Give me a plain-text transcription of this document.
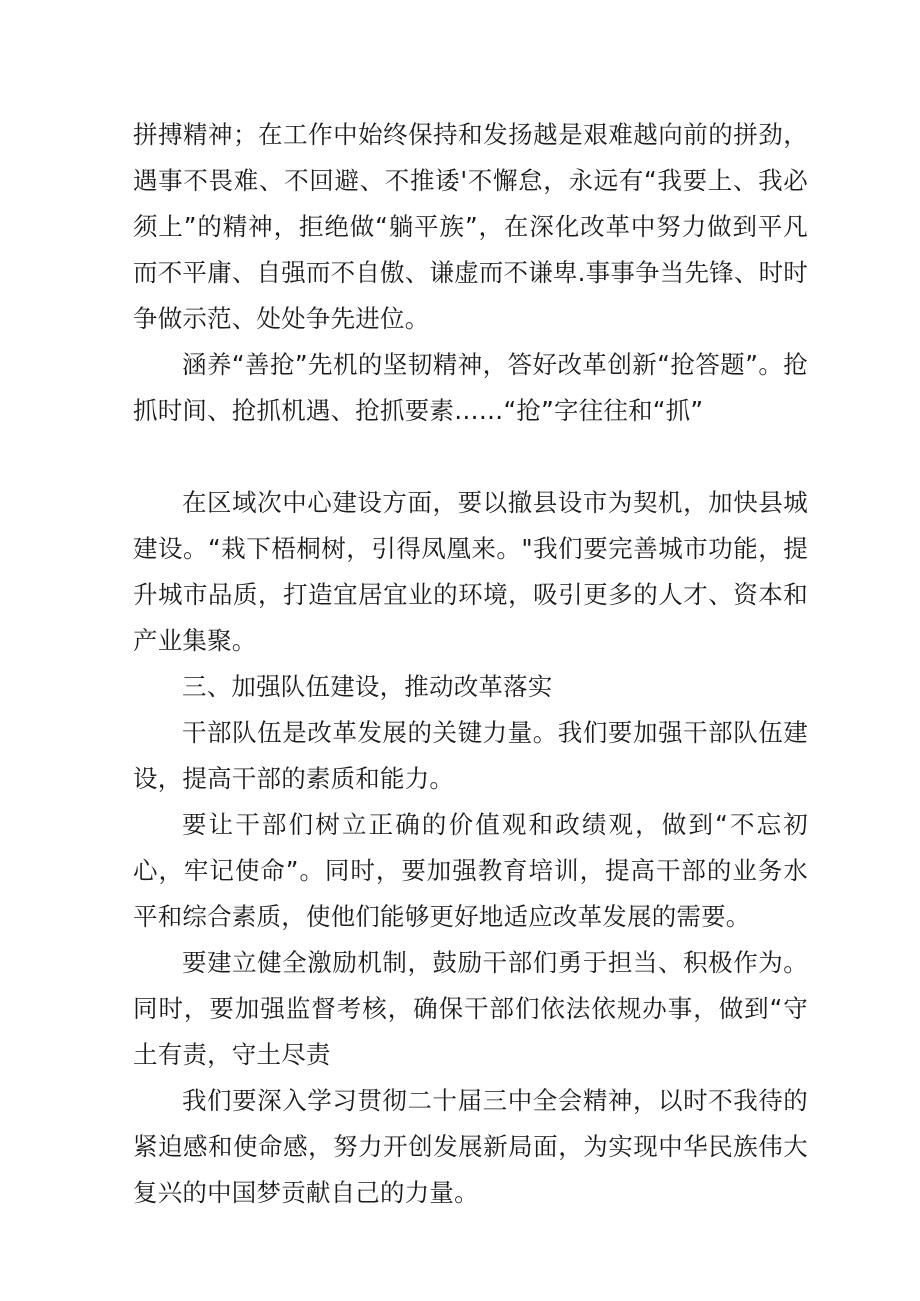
拼搏精神；在工作中始终保持和发扬越是艰难越向前的拼劲，遇事不畏难、不回避、不推诿'不懈怠，永远有“我要上、我必须上”的精神，拒绝做“躺平族”，在深化改革中努力做到平凡而不平庸、自强而不自傲、谦虚而不谦卑.事事争当先锋、时时争做示范、处处争先进位。

涵养“善抢”先机的坚韧精神，答好改革创新“抢答题”。抢抓时间、抢抓机遇、抢抓要素……“抢”字往往和“抓”

在区域次中心建设方面，要以撤县设市为契机，加快县城建设。“栽下梧桐树，引得凤凰来。"我们要完善城市功能，提升城市品质，打造宜居宜业的环境，吸引更多的人才、资本和产业集聚。

三、加强队伍建设，推动改革落实

干部队伍是改革发展的关键力量。我们要加强干部队伍建设，提高干部的素质和能力。

要让干部们树立正确的价值观和政绩观，做到“不忘初心，牢记使命”。同时，要加强教育培训，提高干部的业务水平和综合素质，使他们能够更好地适应改革发展的需要。

要建立健全激励机制，鼓励干部们勇于担当、积极作为。同时，要加强监督考核，确保干部们依法依规办事，做到“守土有责，守土尽责

我们要深入学习贯彻二十届三中全会精神，以时不我待的紧迫感和使命感，努力开创发展新局面，为实现中华民族伟大复兴的中国梦贡献自己的力量。
